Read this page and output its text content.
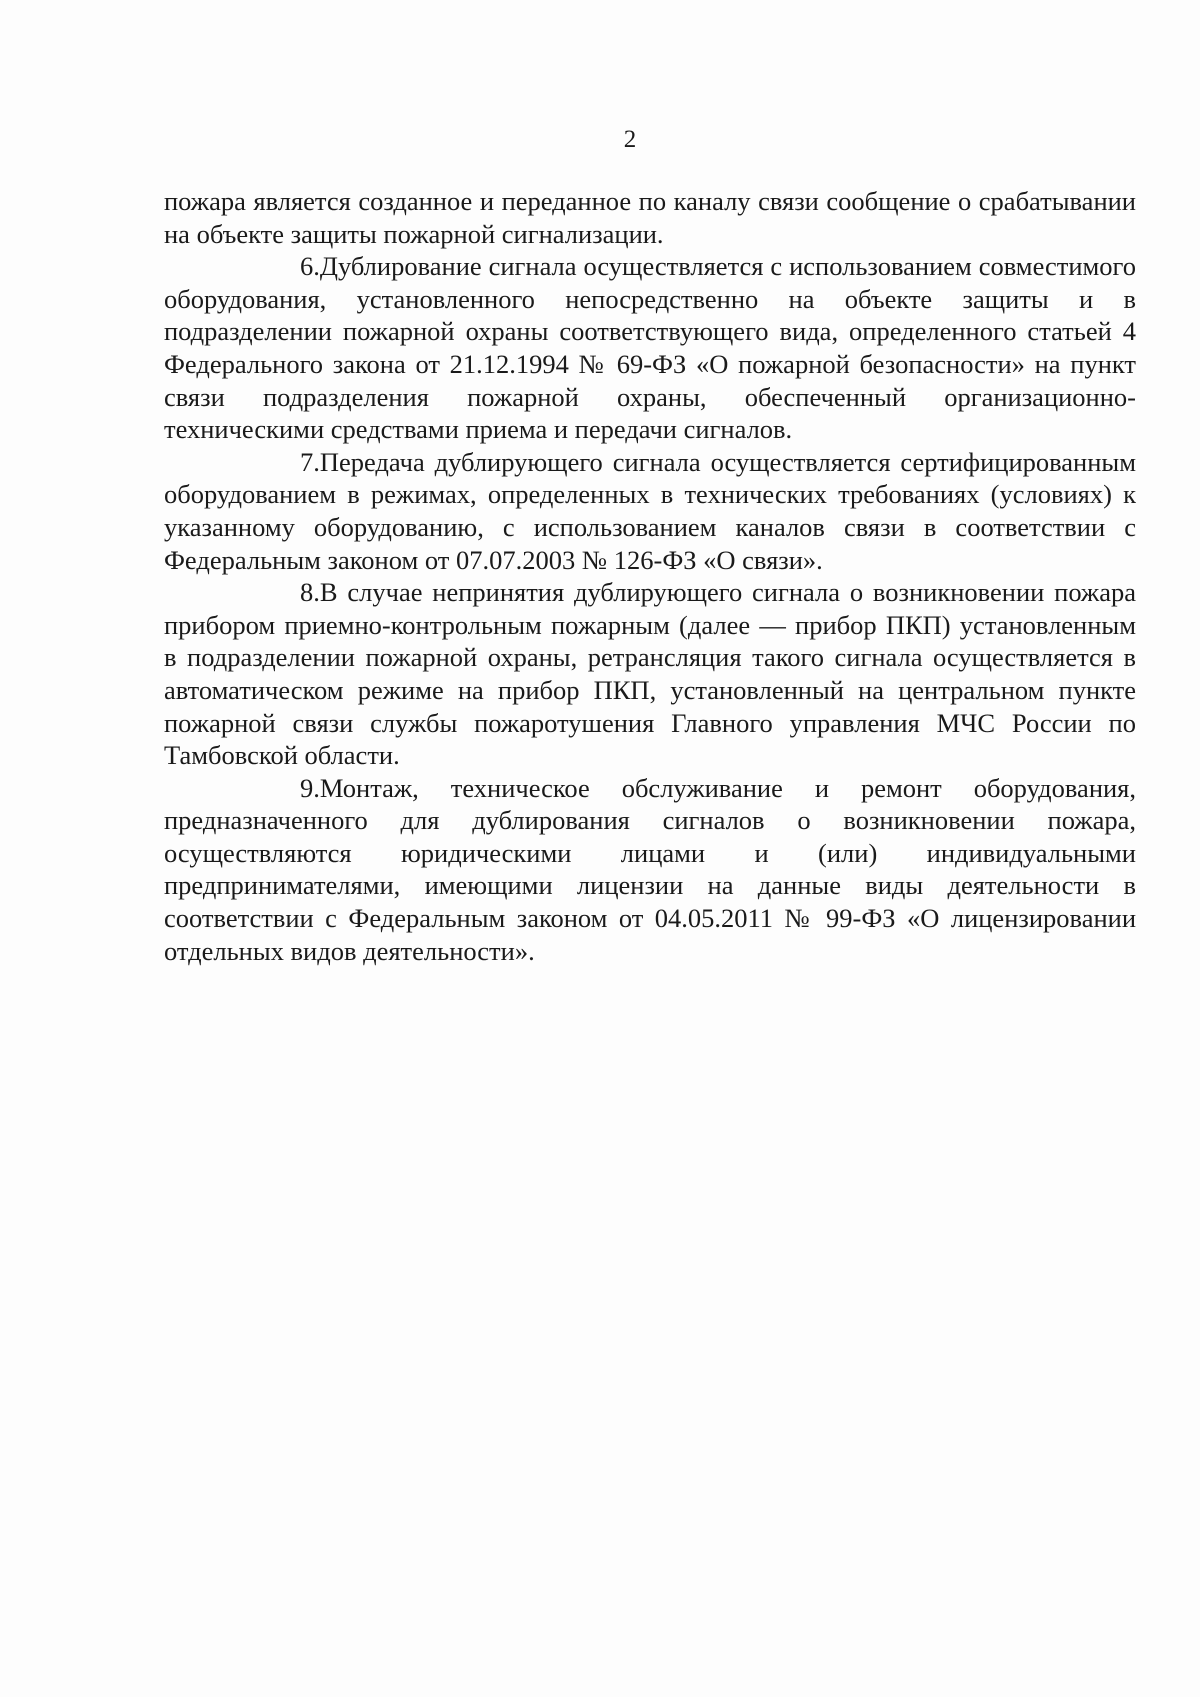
2

пожара является созданное и переданное по каналу связи сообщение о срабатывании на объекте защиты пожарной сигнализации.

6.Дублирование сигнала осуществляется с использованием совместимого оборудования, установленного непосредственно на объекте защиты и в подразделении пожарной охраны соответствующего вида, определенного статьей 4 Федерального закона от 21.12.1994 № 69-ФЗ «О пожарной безопасности» на пункт связи подразделения пожарной охраны, обеспеченный организационно-техническими средствами приема и передачи сигналов.

7.Передача дублирующего сигнала осуществляется сертифицированным оборудованием в режимах, определенных в технических требованиях (условиях) к указанному оборудованию, с использованием каналов связи в соответствии с Федеральным законом от 07.07.2003 № 126-ФЗ «О связи».

8.В случае непринятия дублирующего сигнала о возникновении пожара прибором приемно-контрольным пожарным (далее — прибор ПКП) установленным в подразделении пожарной охраны, ретрансляция такого сигнала осуществляется в автоматическом режиме на прибор ПКП, установленный на центральном пункте пожарной связи службы пожаротушения Главного управления МЧС России по Тамбовской области.

9.Монтаж, техническое обслуживание и ремонт оборудования, предназначенного для дублирования сигналов о возникновении пожара, осуществляются юридическими лицами и (или) индивидуальными предпринимателями, имеющими лицензии на данные виды деятельности в соответствии с Федеральным законом от 04.05.2011 № 99-ФЗ «О лицензировании отдельных видов деятельности».
